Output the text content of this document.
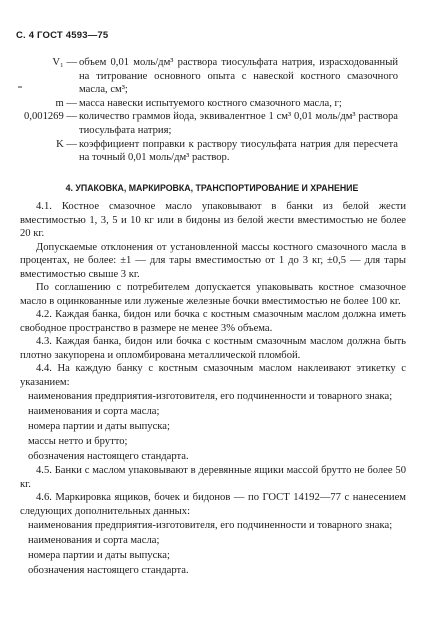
С. 4 ГОСТ 4593—75
V₁ — объем 0,01 моль/дм³ раствора тиосульфата натрия, израсходованный на титрование основного опыта с навеской костного смазочного масла, см³;
m — масса навески испытуемого костного смазочного масла, г;
0,001269 — количество граммов йода, эквивалентное 1 см³ 0,01 моль/дм³ раствора тиосульфата натрия;
K — коэффициент поправки к раствору тиосульфата натрия для пересчета на точный 0,01 моль/дм³ раствор.
4. УПАКОВКА, МАРКИРОВКА, ТРАНСПОРТИРОВАНИЕ И ХРАНЕНИЕ

4.1. Костное смазочное масло упаковывают в банки из белой жести вместимостью 1, 3, 5 и 10 кг или в бидоны из белой жести вместимостью не более 20 кг.

Допускаемые отклонения от установленной массы костного смазочного масла в процентах, не более: ±1 — для тары вместимостью от 1 до 3 кг, ±0,5 — для тары вместимостью свыше 3 кг.

По соглашению с потребителем допускается упаковывать костное смазочное масло в оцинкованные или луженые железные бочки вместимостью не более 100 кг.

4.2. Каждая банка, бидон или бочка с костным смазочным маслом должна иметь свободное пространство в размере не менее 3% объема.

4.3. Каждая банка, бидон или бочка с костным смазочным маслом должна быть плотно закупорена и опломбирована металлической пломбой.

4.4. На каждую банку с костным смазочным маслом наклеивают этикетку с указанием:

наименования предприятия-изготовителя, его подчиненности и товарного знака;

наименования и сорта масла;

номера партии и даты выпуска;

массы нетто и брутто;

обозначения настоящего стандарта.

4.5. Банки с маслом упаковывают в деревянные ящики массой брутто не более 50 кг.

4.6. Маркировка ящиков, бочек и бидонов — по ГОСТ 14192—77 с нанесением следующих дополнительных данных:

наименования предприятия-изготовителя, его подчиненности и товарного знака;

наименования и сорта масла;

номера партии и даты выпуска;

обозначения настоящего стандарта.
